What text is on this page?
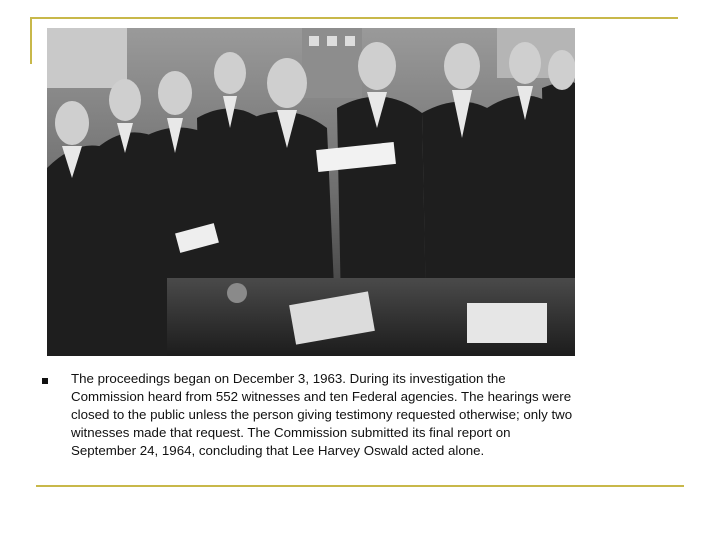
The proceedings began on December 3, 1963. During its investigation the
Commission heard from 552 witnesses and ten Federal agencies. The hearings were
closed to the public unless the person giving testimony requested otherwise; only two
witnesses made that request. The Commission submitted its final report on
September 24, 1964, concluding that Lee Harvey Oswald acted alone.
